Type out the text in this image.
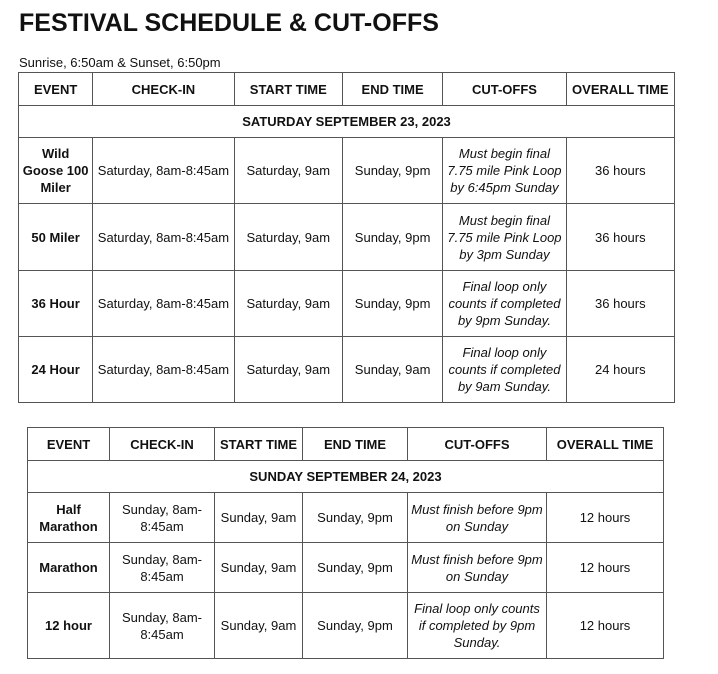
FESTIVAL SCHEDULE & CUT-OFFS
Sunrise, 6:50am & Sunset, 6:50pm
EVENT	CHECK-IN	START TIME	END TIME	CUT-OFFS	OVERALL TIME
SATURDAY SEPTEMBER 23, 2023					
Wild Goose 100 Miler	Saturday, 8am-8:45am	Saturday, 9am	Sunday, 9pm	Must begin final 7.75 mile Pink Loop by 6:45pm Sunday	36 hours
50 Miler	Saturday, 8am-8:45am	Saturday, 9am	Sunday, 9pm	Must begin final 7.75 mile Pink Loop by 3pm Sunday	36 hours
36 Hour	Saturday, 8am-8:45am	Saturday, 9am	Sunday, 9pm	Final loop only counts if completed by 9pm Sunday.	36 hours
24 Hour	Saturday, 8am-8:45am	Saturday, 9am	Sunday, 9am	Final loop only counts if completed by 9am Sunday.	24 hours
EVENT	CHECK-IN	START TIME	END TIME	CUT-OFFS	OVERALL TIME
SUNDAY SEPTEMBER 24, 2023					
Half Marathon	Sunday, 8am-8:45am	Sunday, 9am	Sunday, 9pm	Must finish before 9pm on Sunday	12 hours
Marathon	Sunday, 8am-8:45am	Sunday, 9am	Sunday, 9pm	Must finish before 9pm on Sunday	12 hours
12 hour	Sunday, 8am-8:45am	Sunday, 9am	Sunday, 9pm	Final loop only counts if completed by 9pm Sunday.	12 hours
